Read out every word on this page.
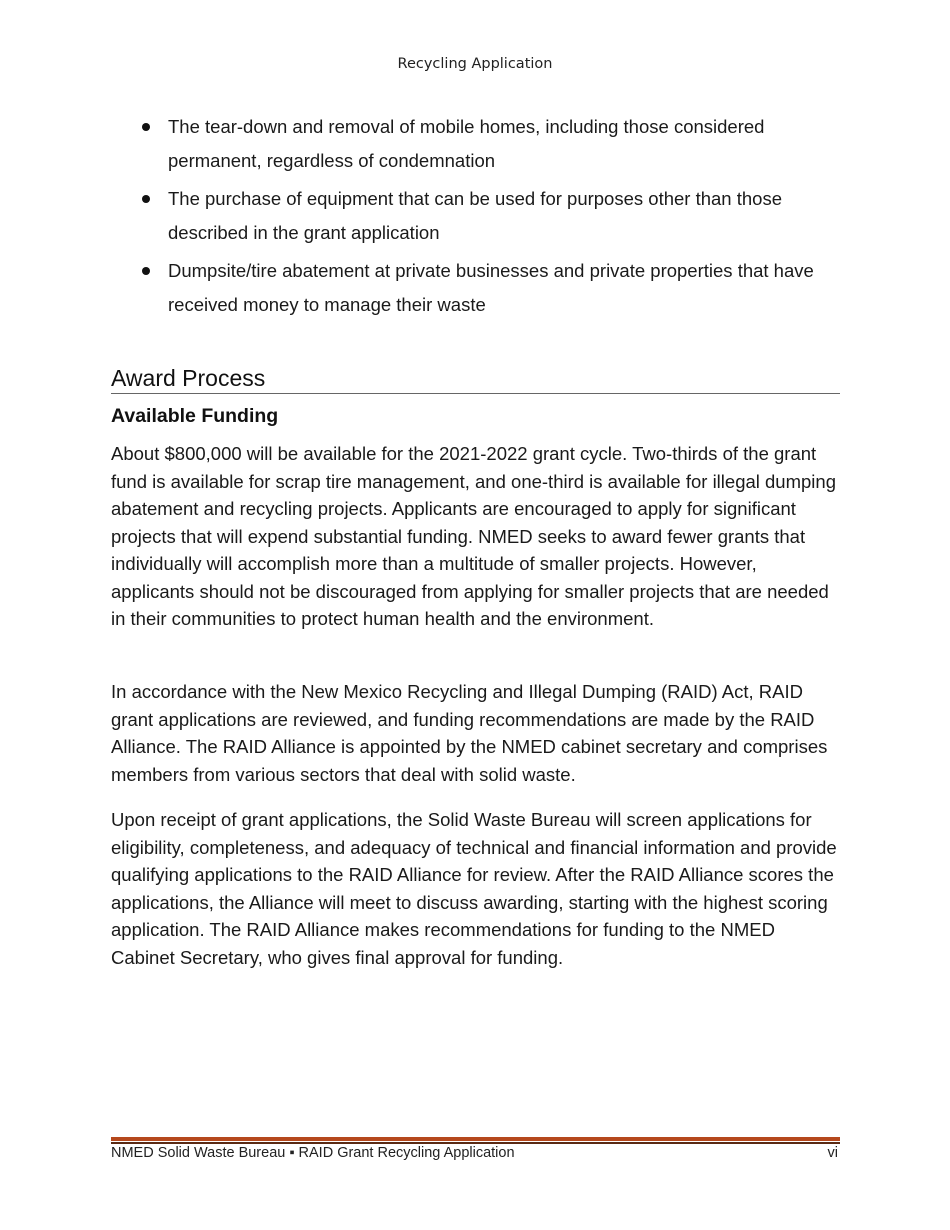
Recycling Application
The tear-down and removal of mobile homes, including those considered permanent, regardless of condemnation
The purchase of equipment that can be used for purposes other than those described in the grant application
Dumpsite/tire abatement at private businesses and private properties that have received money to manage their waste
Award Process
Available Funding

About $800,000 will be available for the 2021-2022 grant cycle. Two-thirds of the grant fund is available for scrap tire management, and one-third is available for illegal dumping abatement and recycling projects. Applicants are encouraged to apply for significant projects that will expend substantial funding. NMED seeks to award fewer grants that individually will accomplish more than a multitude of smaller projects. However, applicants should not be discouraged from applying for smaller projects that are needed in their communities to protect human health and the environment.

In accordance with the New Mexico Recycling and Illegal Dumping (RAID) Act, RAID grant applications are reviewed, and funding recommendations are made by the RAID Alliance. The RAID Alliance is appointed by the NMED cabinet secretary and comprises members from various sectors that deal with solid waste.

Upon receipt of grant applications, the Solid Waste Bureau will screen applications for eligibility, completeness, and adequacy of technical and financial information and provide qualifying applications to the RAID Alliance for review. After the RAID Alliance scores the applications, the Alliance will meet to discuss awarding, starting with the highest scoring application. The RAID Alliance makes recommendations for funding to the NMED Cabinet Secretary, who gives final approval for funding.

NMED Solid Waste Bureau ▪ RAID Grant Recycling Application	vi
